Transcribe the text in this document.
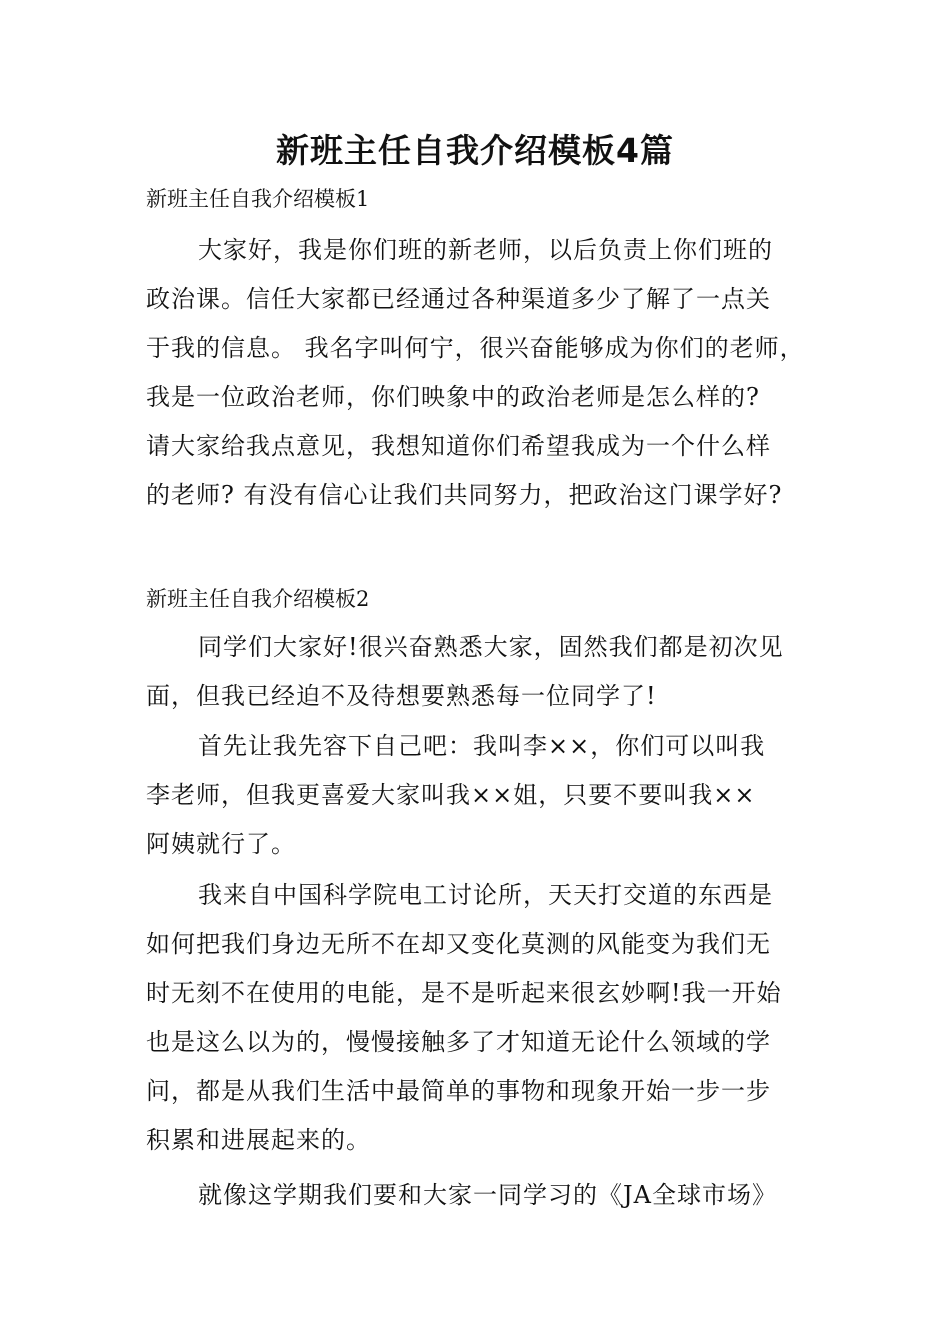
新班主任自我介绍模板4篇
新班主任自我介绍模板1
大家好，我是你们班的新老师，以后负责上你们班的
政治课。信任大家都已经通过各种渠道多少了解了一点关
于我的信息。 我名字叫何宁，很兴奋能够成为你们的老师，
我是一位政治老师，你们映象中的政治老师是怎么样的?
请大家给我点意见，我想知道你们希望我成为一个什么样
的老师? 有没有信心让我们共同努力，把政治这门课学好?
新班主任自我介绍模板2
同学们大家好!很兴奋熟悉大家，固然我们都是初次见
面，但我已经迫不及待想要熟悉每一位同学了!
首先让我先容下自己吧：我叫李××，你们可以叫我
李老师，但我更喜爱大家叫我××姐，只要不要叫我××
阿姨就行了。
我来自中国科学院电工讨论所，天天打交道的东西是
如何把我们身边无所不在却又变化莫测的风能变为我们无
时无刻不在使用的电能，是不是听起来很玄妙啊!我一开始
也是这么以为的，慢慢接触多了才知道无论什么领域的学
问，都是从我们生活中最简单的事物和现象开始一步一步
积累和进展起来的。
就像这学期我们要和大家一同学习的《JA全球市场》
